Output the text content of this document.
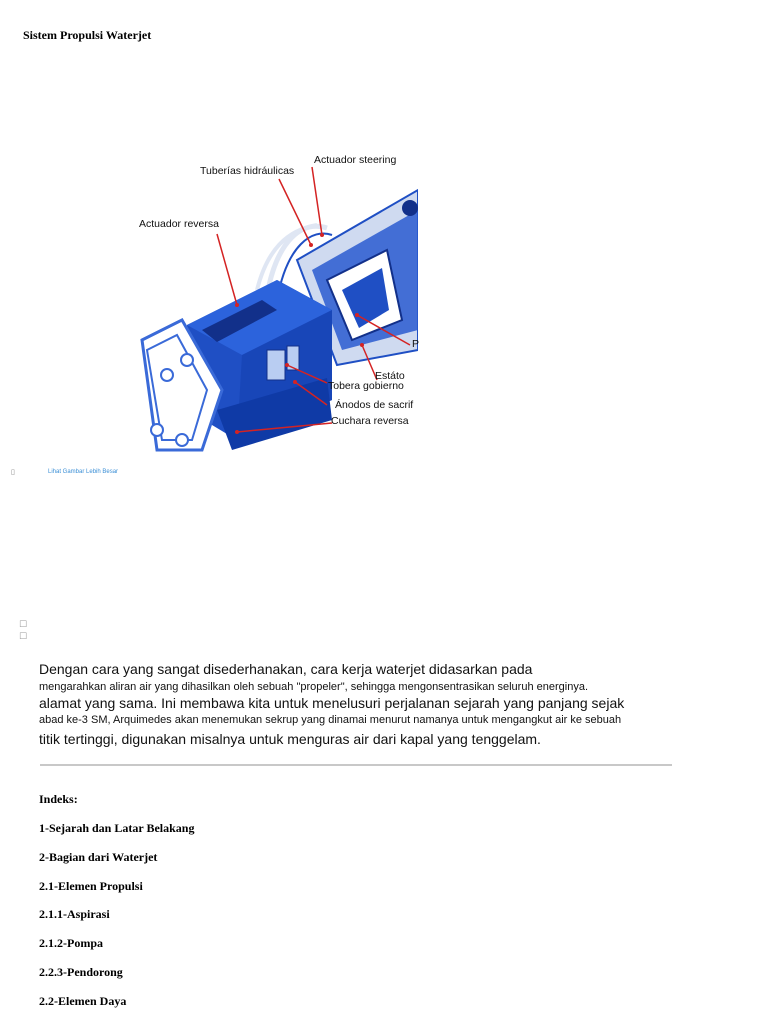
Sistem Propulsi Waterjet
Actuador steering
Tuberías hidráulicas
Actuador reversa
P
Estáto
Tobera gobierno
Ánodos de sacrif
Cuchara reversa
▯	Lihat Gambar Lebih Besar
☐
☐
Dengan cara yang sangat disederhanakan, cara kerja waterjet didasarkan pada
mengarahkan aliran air yang dihasilkan oleh sebuah "propeler", sehingga mengonsentrasikan seluruh energinya.
alamat yang sama. Ini membawa kita untuk menelusuri perjalanan sejarah yang panjang sejak
abad ke-3 SM, Arquimedes akan menemukan sekrup yang dinamai menurut namanya untuk mengangkut air ke sebuah
titik tertinggi, digunakan misalnya untuk menguras air dari kapal yang tenggelam.
Indeks:
1-Sejarah dan Latar Belakang
2-Bagian dari Waterjet
2.1-Elemen Propulsi
2.1.1-Aspirasi
2.1.2-Pompa
2.2.3-Pendorong
2.2-Elemen Daya
